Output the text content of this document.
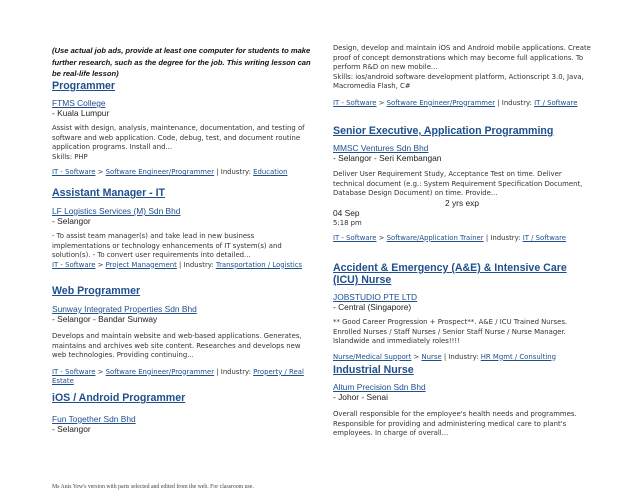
(Use actual job ads, provide at least one computer for students to make further research, such as the degree for the job. This writing lesson can be real-life lesson)
Programmer
FTMS College
- Kuala Lumpur
Assist with design, analysis, maintenance, documentation, and testing of software and web application. Code, debug, test, and document routine application programs. Install and...
Skills: PHP
IT - Software > Software Engineer/Programmer | Industry: Education
Assistant Manager - IT
LF Logistics Services (M) Sdn Bhd
- Selangor
- To assist team manager(s) and take lead in new business implementations or technology enhancements of IT system(s) and solution(s). - To convert user requirements into detailed...
IT - Software > Project Management | Industry: Transportation / Logistics
Web Programmer
Sunway Integrated Properties Sdn Bhd
- Selangor - Bandar Sunway
Develops and maintain website and web-based applications. Generates, maintains and archives web site content. Researches and develops new web technologies. Providing continuing...
IT - Software > Software Engineer/Programmer | Industry: Property / Real Estate
iOS / Android Programmer
Fun Together Sdn Bhd
- Selangor
Ms Anis Yew's version with parts selected and edited from the web. For classroom use.
Design, develop and maintain iOS and Android mobile applications. Create proof of concept demonstrations which may become full applications. To perform R&D on new mobile...
Skills: ios/android software development platform, Actionscript 3.0, Java, Macromedia Flash, C#
IT - Software > Software Engineer/Programmer | Industry: IT / Software
Senior Executive, Application Programming
MMSC Ventures Sdn Bhd
- Selangor - Seri Kembangan
Deliver User Requirement Study, Acceptance Test on time. Deliver technical document (e.g.: System Requirement Specification Document, Database Design Document) on time. Provide...
2 yrs exp
04 Sep
5:18 pm
IT - Software > Software/Application Trainer | Industry: IT / Software
Accident & Emergency (A&E) & Intensive Care (ICU) Nurse
JOBSTUDIO PTE LTD
- Central (Singapore)
** Good Career Progression + Prospect**. A&E / ICU Trained Nurses. Enrolled Nurses / Staff Nurses / Senior Staff Nurse / Nurse Manager. Islandwide and immediately roles!!!!
Nurse/Medical Support > Nurse | Industry: HR Mgmt / Consulting
Industrial Nurse
Altum Precision Sdn Bhd
- Johor - Senai
Overall responsible for the employee's health needs and programmes. Responsible for providing and administering medical care to plant's employees. In charge of overall...
